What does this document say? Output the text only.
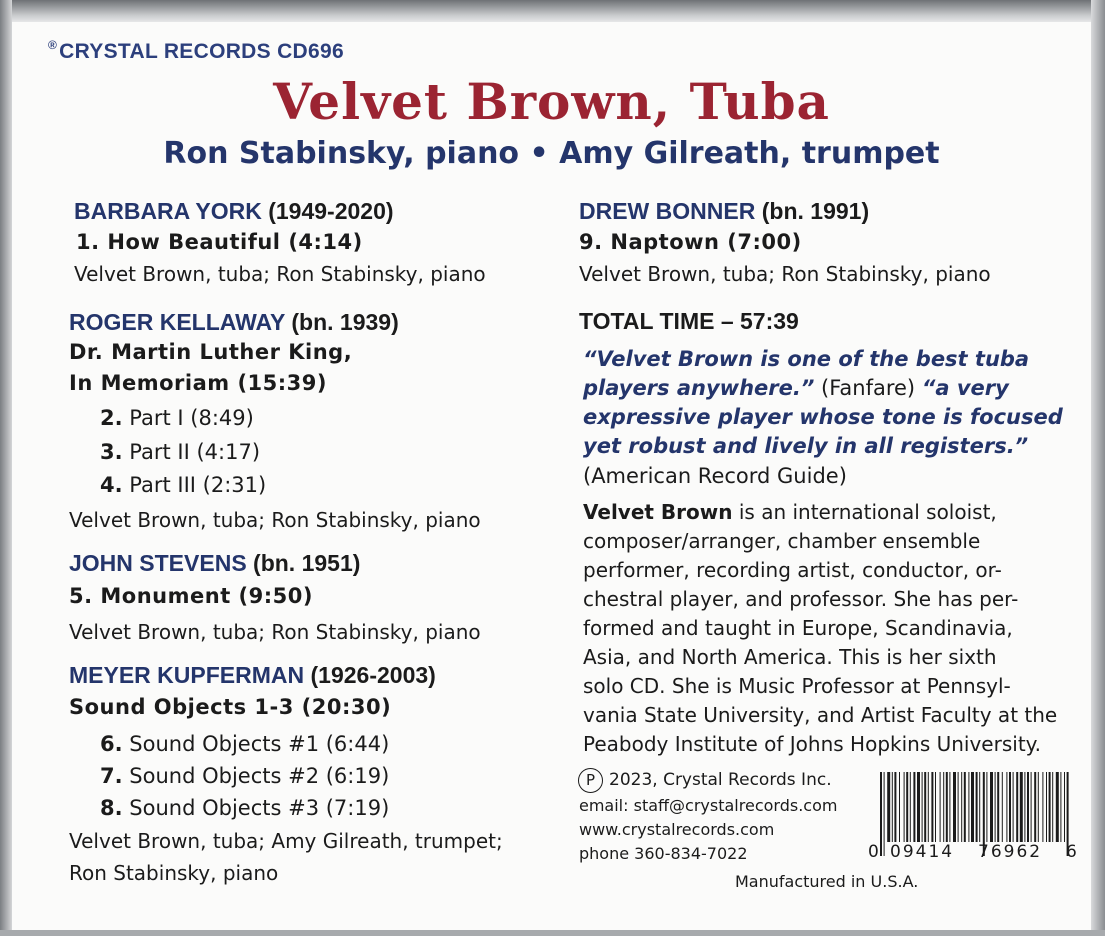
®CRYSTAL RECORDS CD696
Velvet Brown, Tuba
Ron Stabinsky, piano • Amy Gilreath, trumpet
BARBARA YORK (1949-2020)
1. How Beautiful (4:14)
Velvet Brown, tuba; Ron Stabinsky, piano
ROGER KELLAWAY (bn. 1939)
Dr. Martin Luther King,
In Memoriam (15:39)
2. Part I (8:49)
3. Part II (4:17)
4. Part III (2:31)
Velvet Brown, tuba; Ron Stabinsky, piano
JOHN STEVENS (bn. 1951)
5. Monument (9:50)
Velvet Brown, tuba; Ron Stabinsky, piano
MEYER KUPFERMAN (1926-2003)
Sound Objects 1-3 (20:30)
6. Sound Objects #1 (6:44)
7. Sound Objects #2 (6:19)
8. Sound Objects #3 (7:19)
Velvet Brown, tuba; Amy Gilreath, trumpet;
Ron Stabinsky, piano
DREW BONNER (bn. 1991)
9. Naptown (7:00)
Velvet Brown, tuba; Ron Stabinsky, piano
TOTAL TIME – 57:39
“Velvet Brown is one of the best tuba
players anywhere.” (Fanfare) “a very
expressive player whose tone is focused
yet robust and lively in all registers.”
(American Record Guide)
Velvet Brown is an international soloist,
composer/arranger, chamber ensemble
performer, recording artist, conductor, or-
chestral player, and professor. She has per-
formed and taught in Europe, Scandinavia,
Asia, and North America. This is her sixth
solo CD. She is Music Professor at Pennsyl-
vania State University, and Artist Faculty at the
Peabody Institute of Johns Hopkins University.
P 2023, Crystal Records Inc.
email: staff@crystalrecords.com
www.crystalrecords.com
phone 360-834-7022
Manufactured in U.S.A.
0 09414 76962 6
